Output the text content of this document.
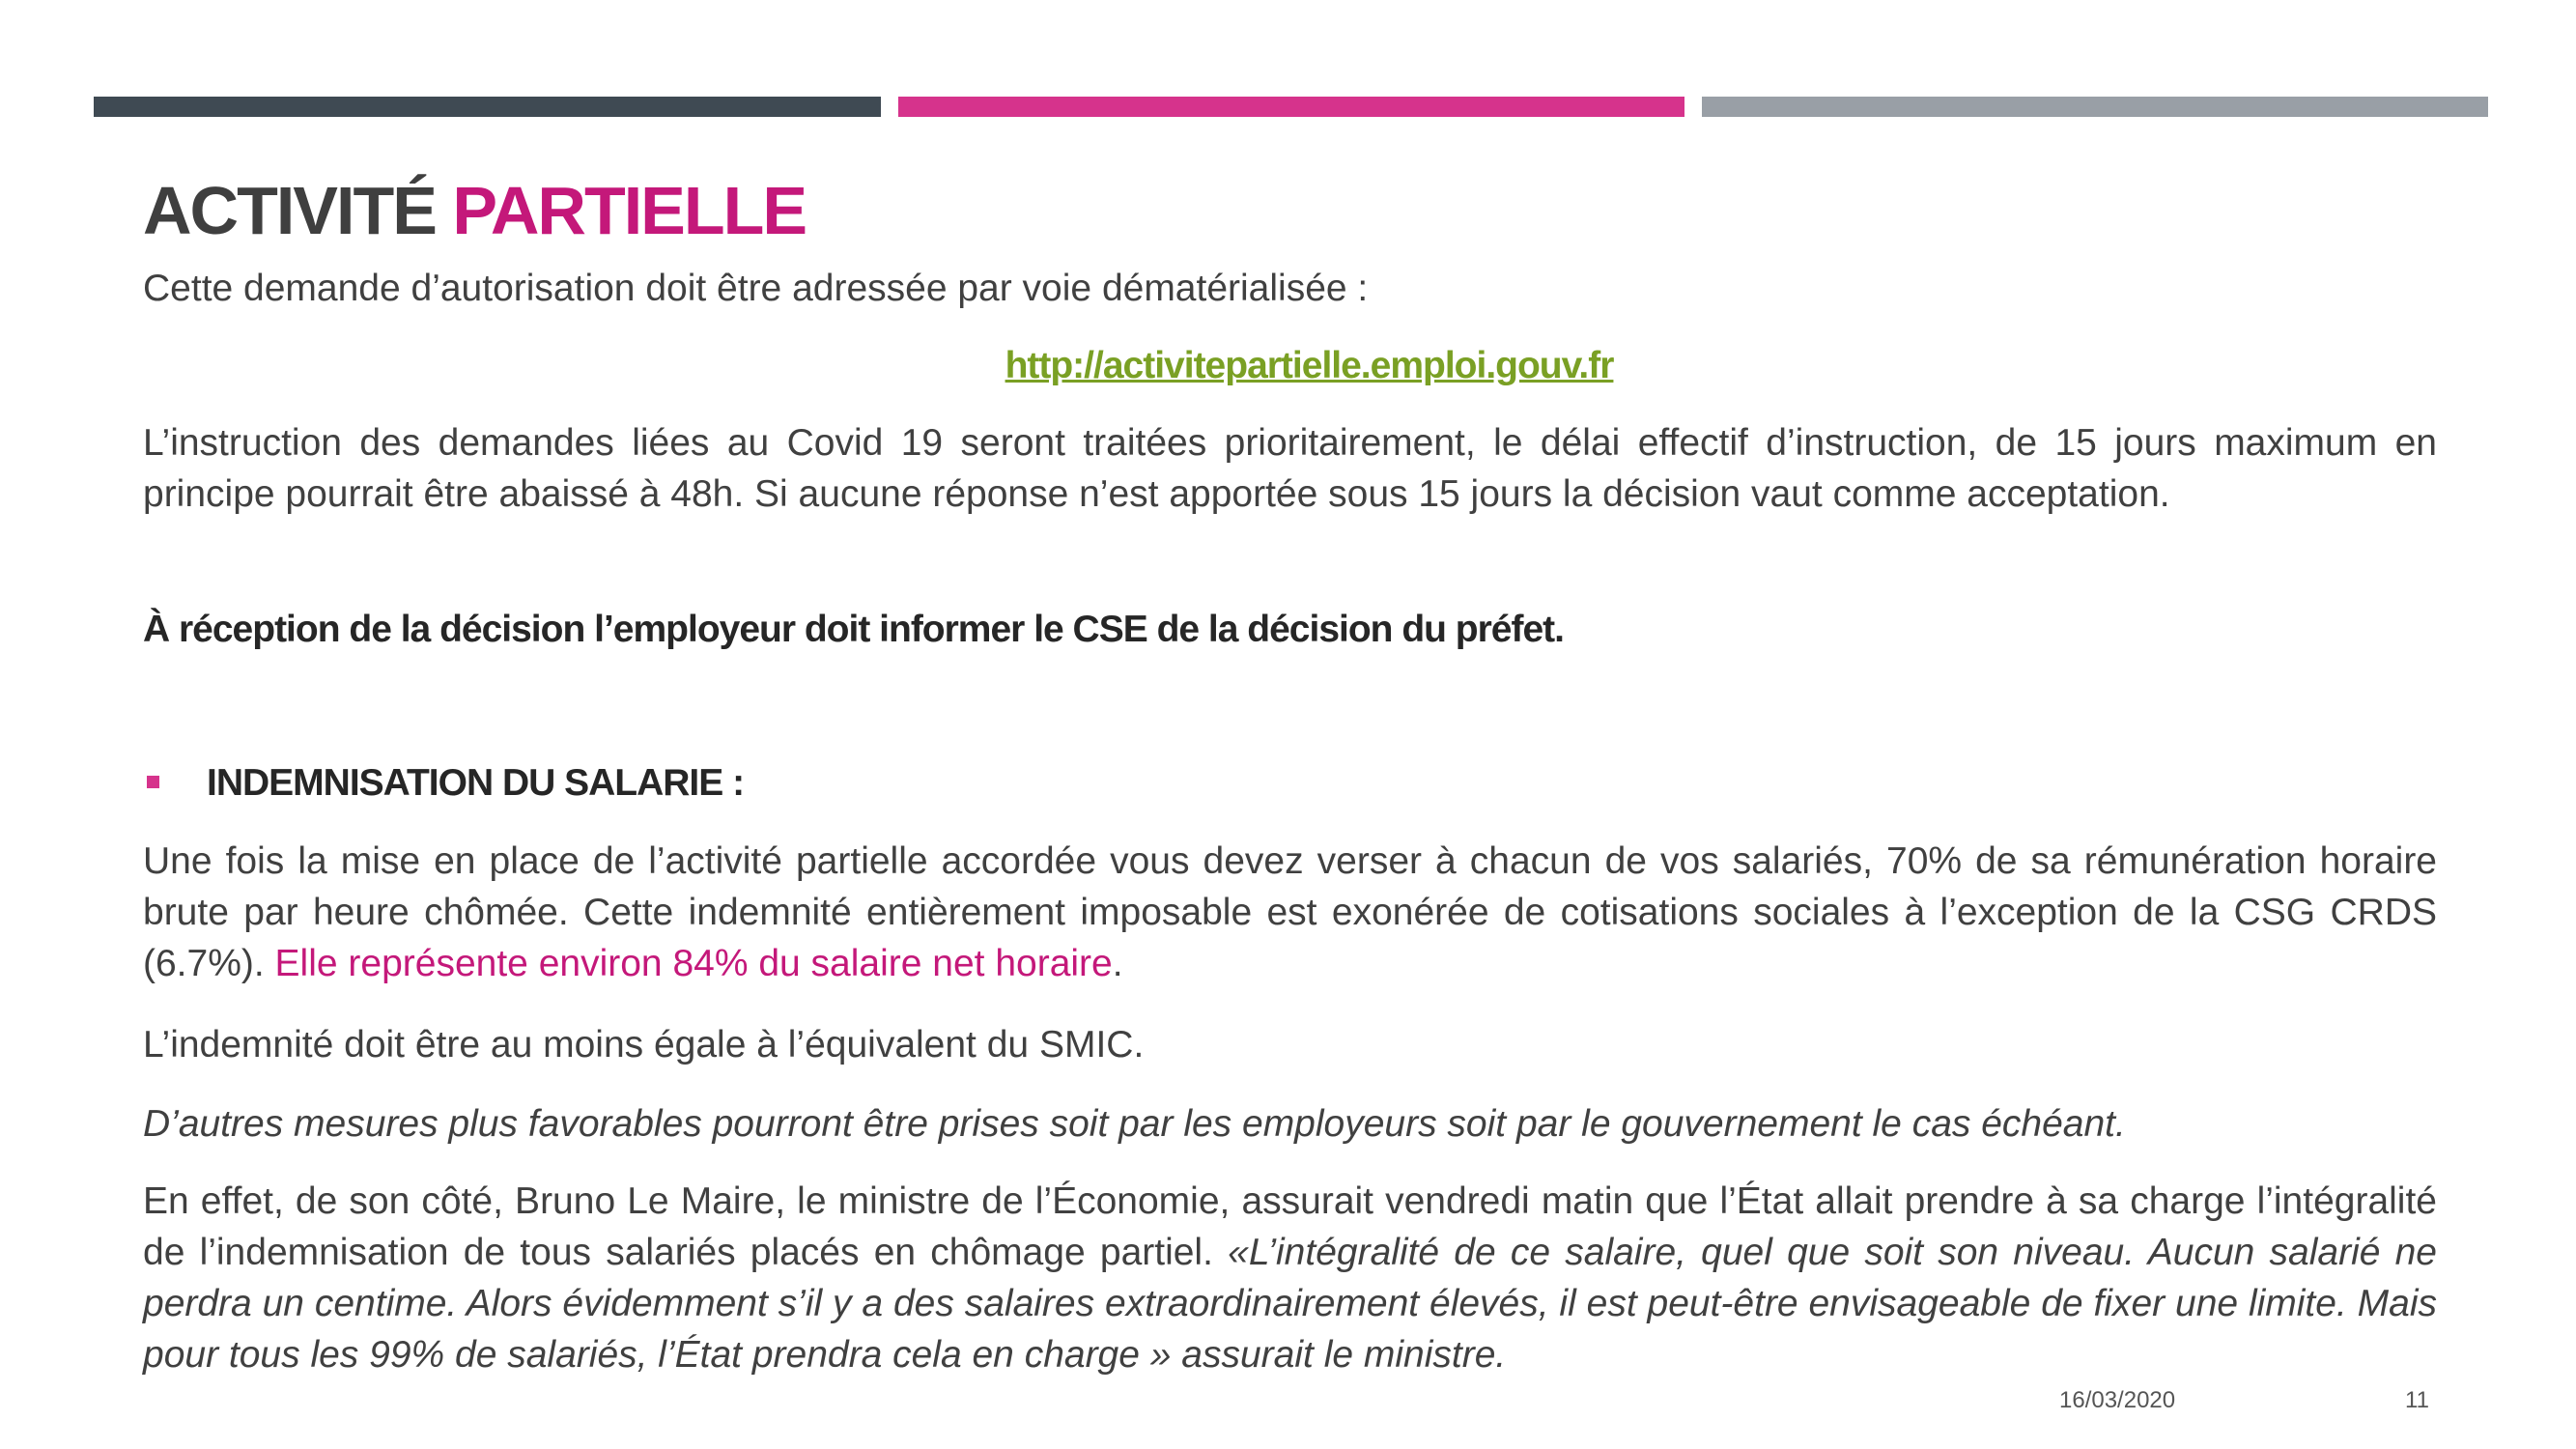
ACTIVITÉ PARTIELLE

Cette demande d’autorisation doit être adressée par voie dématérialisée :

http://activitepartielle.emploi.gouv.fr

L’instruction des demandes liées au Covid 19 seront traitées prioritairement, le délai effectif d’instruction, de 15 jours maximum en principe pourrait être abaissé à 48h. Si aucune réponse n’est apportée sous 15 jours la décision vaut comme acceptation.

À réception de la décision l’employeur doit informer le CSE de la décision du préfet.

INDEMNISATION DU SALARIE :

Une fois la mise en place de l’activité partielle accordée vous devez verser à chacun de vos salariés, 70% de sa rémunération horaire brute par heure chômée. Cette indemnité entièrement imposable est exonérée de cotisations sociales à l’exception de la CSG CRDS (6.7%). Elle représente environ 84% du salaire net horaire.

L’indemnité doit être au moins égale à l’équivalent du SMIC.

D’autres mesures plus favorables pourront être prises soit par les employeurs soit par le gouvernement le cas échéant.

En effet, de son côté, Bruno Le Maire, le ministre de l’Économie, assurait vendredi matin que l’État allait prendre à sa charge l’intégralité de l’indemnisation de tous salariés placés en chômage partiel. «L’intégralité de ce salaire, quel que soit son niveau. Aucun salarié ne perdra un centime. Alors évidemment s’il y a des salaires extraordinairement élevés, il est peut-être envisageable de fixer une limite. Mais pour tous les 99% de salariés, l’État prendra cela en charge » assurait le ministre.

16/03/2020	11
